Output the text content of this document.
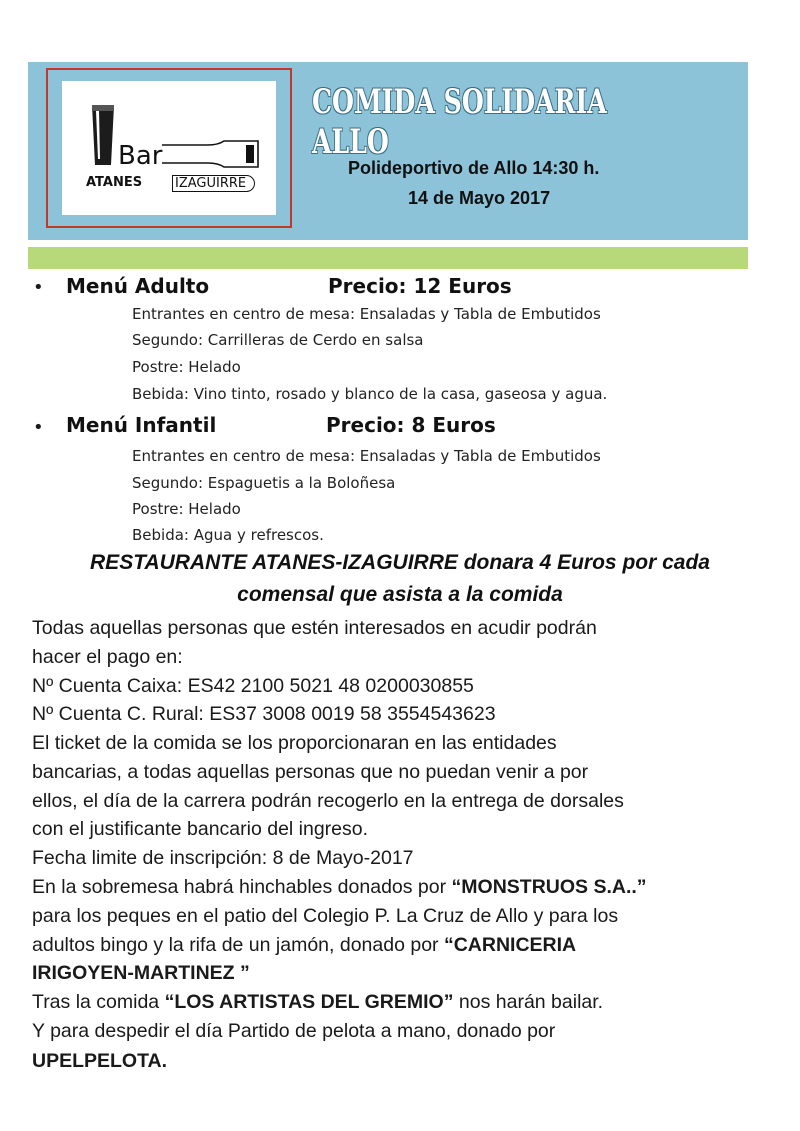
Bar
ATANES	IZAGUIRRE
COMIDA SOLIDARIA ALLO
Polideportivo de Allo 14:30 h.
14 de Mayo 2017
• Menú Adulto	Precio: 12 Euros
Entrantes en centro de mesa: Ensaladas y Tabla de Embutidos
Segundo: Carrilleras de Cerdo en salsa
Postre: Helado
Bebida: Vino tinto, rosado y blanco de la casa, gaseosa y agua.
• Menú Infantil	Precio: 8 Euros
Entrantes en centro de mesa: Ensaladas y Tabla de Embutidos
Segundo: Espaguetis a la Boloñesa
Postre: Helado
Bebida: Agua y refrescos.
RESTAURANTE ATANES-IZAGUIRRE donara 4 Euros por cada
comensal que asista a la comida
Todas aquellas personas que estén interesados en acudir podrán
hacer el pago en:
Nº Cuenta Caixa: ES42 2100 5021 48 0200030855
Nº Cuenta C. Rural: ES37 3008 0019 58 3554543623
El ticket de la comida se los proporcionaran en las entidades
bancarias, a todas aquellas personas que no puedan venir a por
ellos, el día de la carrera podrán recogerlo en la entrega de dorsales
con el justificante bancario del ingreso.
Fecha limite de inscripción: 8 de Mayo-2017
En la sobremesa habrá hinchables donados por “MONSTRUOS S.A..”
para los peques en el patio del Colegio P. La Cruz de Allo y para los
adultos bingo y la rifa de un jamón, donado por “CARNICERIA
IRIGOYEN-MARTINEZ ”
Tras la comida “LOS ARTISTAS DEL GREMIO” nos harán bailar.
Y para despedir el día Partido de pelota a mano, donado por
UPELPELOTA.
